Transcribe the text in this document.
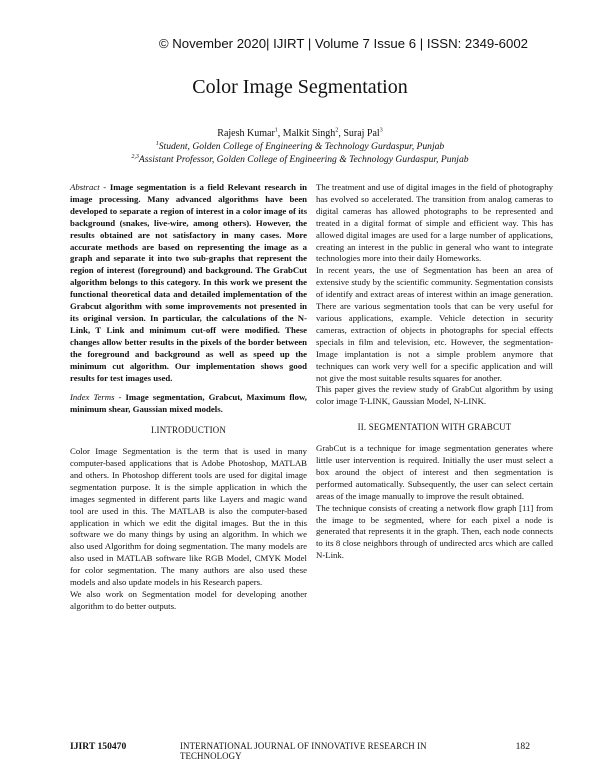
© November 2020| IJIRT | Volume 7 Issue 6 | ISSN: 2349-6002
Color Image Segmentation
Rajesh Kumar$^1$, Malkit Singh$^2$, Suraj Pal$^3$
$^1$Student, Golden College of Engineering & Technology Gurdaspur, Punjab
$^{2,3}$Assistant Professor, Golden College of Engineering & Technology Gurdaspur, Punjab
Abstract - Image segmentation is a field Relevant research in image processing. Many advanced algorithms have been developed to separate a region of interest in a color image of its background (snakes, live-wire, among others). However, the results obtained are not satisfactory in many cases. More accurate methods are based on representing the image as a graph and separate it into two sub-graphs that represent the region of interest (foreground) and background. The GrabCut algorithm belongs to this category. In this work we present the functional theoretical data and detailed implementation of the Grabcut algorithm with some improvements not presented in its original version. In particular, the calculations of the N-Link, T Link and minimum cut-off were modified. These changes allow better results in the pixels of the border between the foreground and background as well as speed up the minimum cut algorithm. Our implementation shows good results for test images used.
Index Terms - Image segmentation, Grabcut, Maximum flow, minimum shear, Gaussian mixed models.
I.INTRODUCTION
Color Image Segmentation is the term that is used in many computer-based applications that is Adobe Photoshop, MATLAB and others. In Photoshop different tools are used for digital image segmentation purpose. It is the simple application in which the images segmented in different parts like Layers and magic wand tool are used in this. The MATLAB is also the computer-based application in which we edit the digital images. But the in this software we do many things by using an algorithm. In which we also used Algorithm for doing segmentation. The many models are also used in MATLAB software like RGB Model, CMYK Model for color segmentation. The many authors are also used these models and also update models in his Research papers.
We also work on Segmentation model for developing another algorithm to do better outputs.
The treatment and use of digital images in the field of photography has evolved so accelerated. The transition from analog cameras to digital cameras has allowed photographs to be represented and treated in a digital format of simple and efficient way. This has allowed digital images are used for a large number of applications, creating an interest in the public in general who want to integrate technologies more into their daily Homeworks.
In recent years, the use of Segmentation has been an area of extensive study by the scientific community. Segmentation consists of identify and extract areas of interest within an image generation. There are various segmentation tools that can be very useful for various applications, example. Vehicle detection in security cameras, extraction of objects in photographs for special effects specials in film and television, etc. However, the segmentation-Image implantation is not a simple problem anymore that techniques can work very well for a specific application and will not give the most suitable results squares for another.
This paper gives the review study of GrabCut algorithm by using color image T-LINK, Gaussian Model, N-LINK.
II. SEGMENTATION WITH GRABCUT
GrabCut is a technique for image segmentation generates where little user intervention is required. Initially the user must select a box around the object of interest and then segmentation is performed automatically. Subsequently, the user can select certain areas of the image manually to improve the result obtained.
The technique consists of creating a network flow graph [11] from the image to be segmented, where for each pixel a node is generated that represents it in the graph. Then, each node connects to its 8 close neighbors through of undirected arcs which are called N-Link.
IJIRT 150470	INTERNATIONAL JOURNAL OF INNOVATIVE RESEARCH IN TECHNOLOGY
182
